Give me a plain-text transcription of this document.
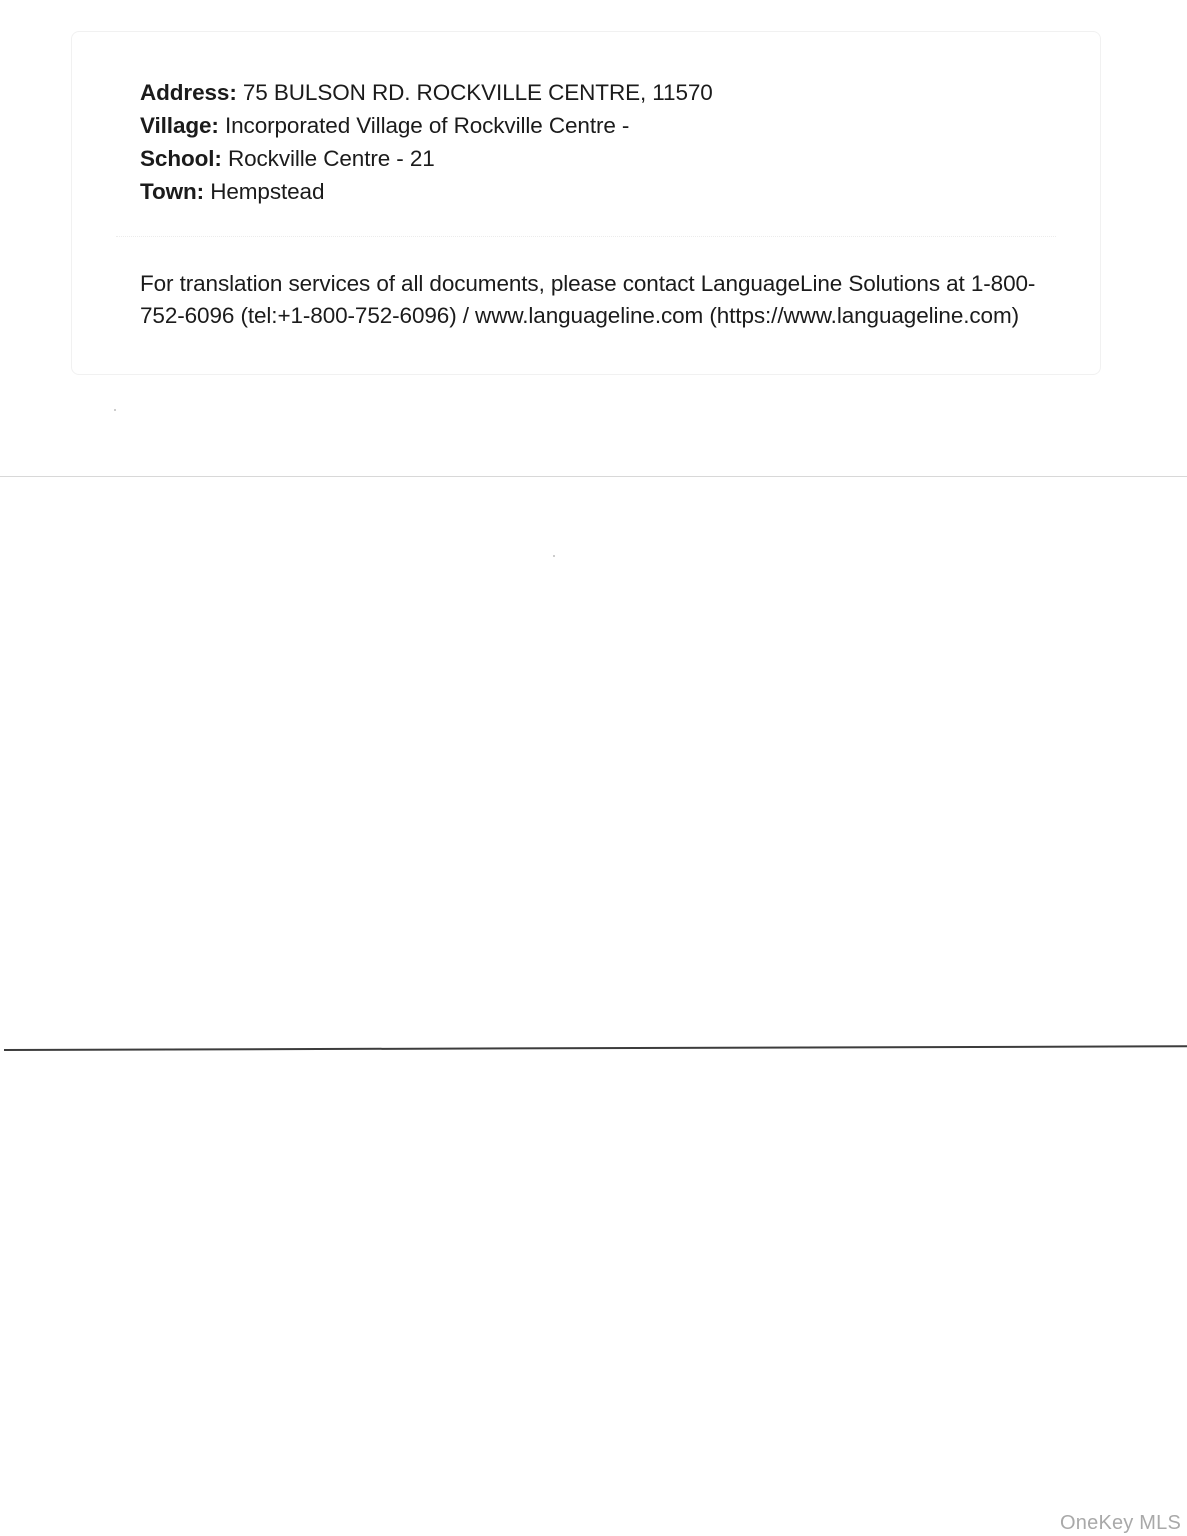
Address: 75 BULSON RD. ROCKVILLE CENTRE, 11570
Village: Incorporated Village of Rockville Centre -
School: Rockville Centre - 21
Town: Hempstead
For translation services of all documents, please contact LanguageLine Solutions at 1-800-
752-6096 (tel:+1-800-752-6096) / www.languageline.com (https://www.languageline.com)
OneKey MLS
